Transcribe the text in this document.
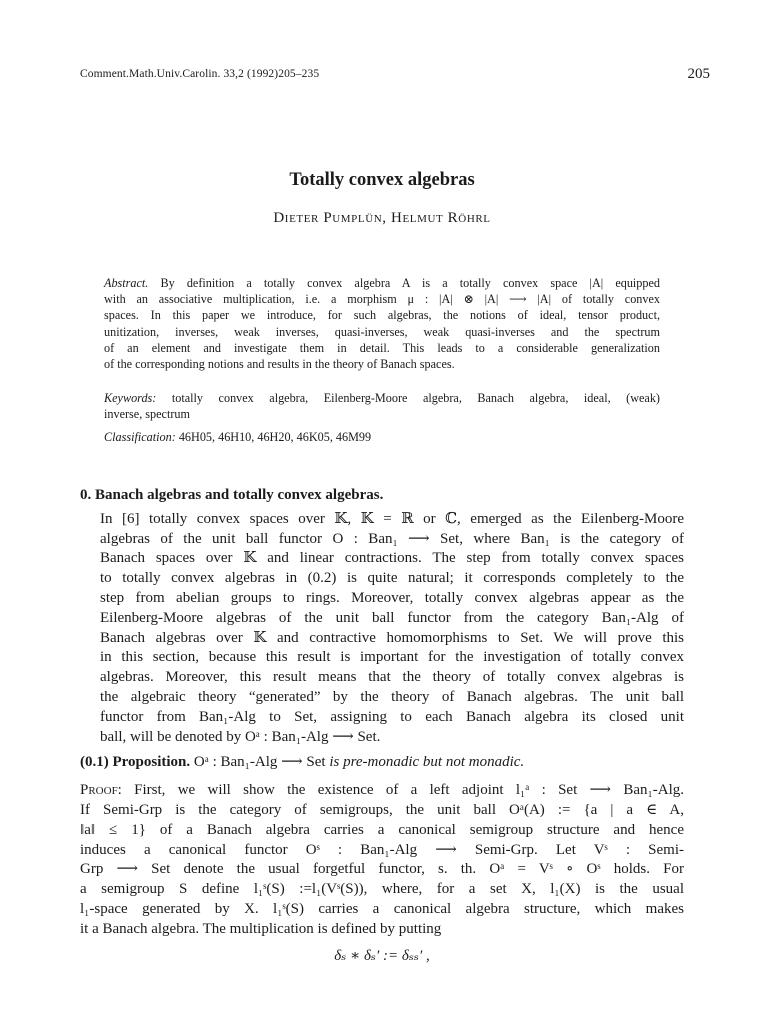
Comment.Math.Univ.Carolin. 33,2 (1992)205–235	205
Totally convex algebras
Dieter Pumplün, Helmut Röhrl

Abstract. By definition a totally convex algebra A is a totally convex space |A| equipped
with an associative multiplication, i.e. a morphism μ : |A| ⊗ |A| ⟶ |A| of totally convex
spaces. In this paper we introduce, for such algebras, the notions of ideal, tensor product,
unitization, inverses, weak inverses, quasi-inverses, weak quasi-inverses and the spectrum
of an element and investigate them in detail. This leads to a considerable generalization
of the corresponding notions and results in the theory of Banach spaces.

Keywords: totally convex algebra, Eilenberg-Moore algebra, Banach algebra, ideal, (weak)
inverse, spectrum

Classification: 46H05, 46H10, 46H20, 46K05, 46M99

0. Banach algebras and totally convex algebras.

In [6] totally convex spaces over 𝕂, 𝕂 = ℝ or ℂ, emerged as the Eilenberg-Moore
algebras of the unit ball functor O : Ban₁ ⟶ Set, where Ban₁ is the category of
Banach spaces over 𝕂 and linear contractions. The step from totally convex spaces
to totally convex algebras in (0.2) is quite natural; it corresponds completely to the
step from abelian groups to rings. Moreover, totally convex algebras appear as the
Eilenberg-Moore algebras of the unit ball functor from the category Ban₁-Alg of
Banach algebras over 𝕂 and contractive homomorphisms to Set. We will prove this
in this section, because this result is important for the investigation of totally convex
algebras. Moreover, this result means that the theory of totally convex algebras is
the algebraic theory “generated” by the theory of Banach algebras. The unit ball
functor from Ban₁-Alg to Set, assigning to each Banach algebra its closed unit
ball, will be denoted by Oᵃ : Ban₁-Alg ⟶ Set.

(0.1) Proposition. Oᵃ : Ban₁-Alg ⟶ Set is pre-monadic but not monadic.

Proof: First, we will show the existence of a left adjoint l₁ᵃ : Set ⟶ Ban₁-Alg.
If Semi-Grp is the category of semigroups, the unit ball Oᵃ(A) := {a | a ∈ A,
‖a‖ ≤ 1} of a Banach algebra carries a canonical semigroup structure and hence
induces a canonical functor Oˢ : Ban₁-Alg ⟶ Semi-Grp. Let Vˢ : Semi-
Grp ⟶ Set denote the usual forgetful functor, s. th. Oᵃ = Vˢ ∘ Oˢ holds. For
a semigroup S define l₁ˢ(S) :=l₁(Vˢ(S)), where, for a set X, l₁(X) is the usual
l₁-space generated by X. l₁ˢ(S) carries a canonical algebra structure, which makes
it a Banach algebra. The multiplication is defined by putting

δₛ ∗ δₛ′ := δₛₛ′ ,
